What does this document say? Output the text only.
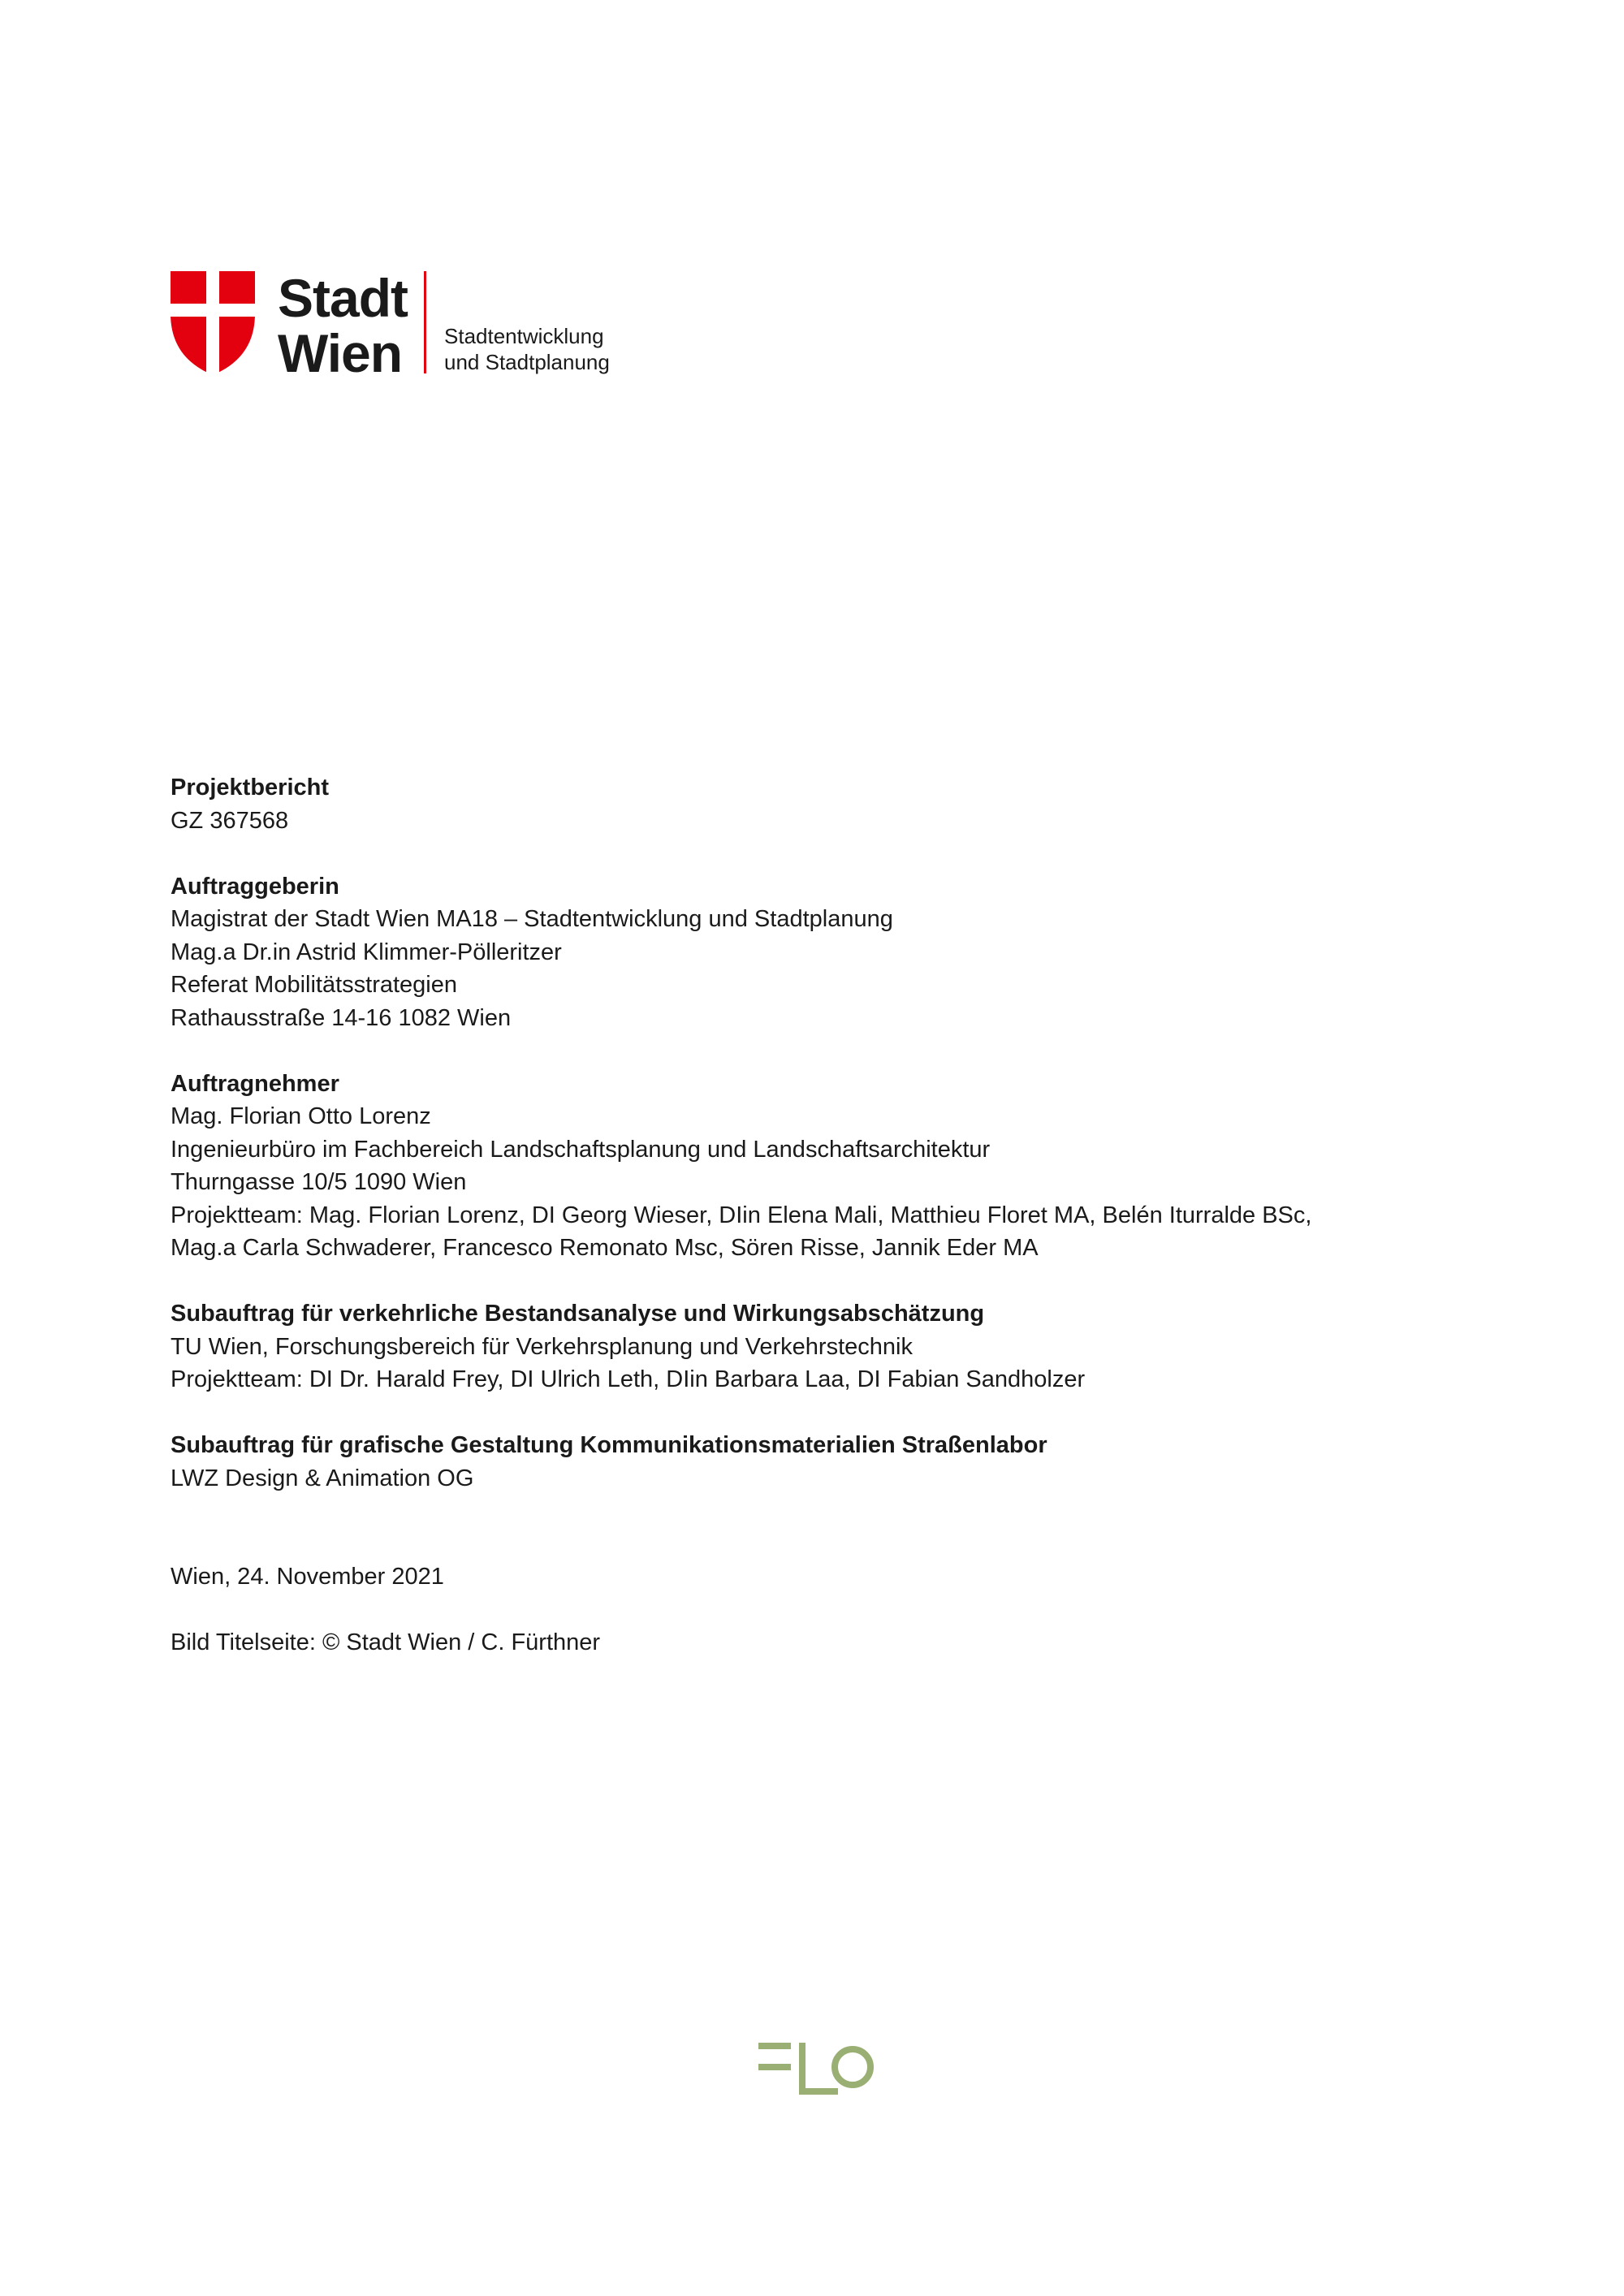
Stadt
Wien Stadtentwicklung
und Stadtplanung
Projektbericht
GZ 367568
Auftraggeberin
Magistrat der Stadt Wien MA18 – Stadtentwicklung und Stadtplanung
Mag.a Dr.in Astrid Klimmer-Pölleritzer
Referat Mobilitätsstrategien
Rathausstraße 14-16 1082 Wien
Auftragnehmer
Mag. Florian Otto Lorenz
Ingenieurbüro im Fachbereich Landschaftsplanung und Landschaftsarchitektur
Thurngasse 10/5 1090 Wien
Projektteam: Mag. Florian Lorenz, DI Georg Wieser, DIin Elena Mali, Matthieu Floret MA, Belén Iturralde BSc,
Mag.a Carla Schwaderer, Francesco Remonato Msc, Sören Risse, Jannik Eder MA
Subauftrag für verkehrliche Bestandsanalyse und Wirkungsabschätzung
TU Wien, Forschungsbereich für Verkehrsplanung und Verkehrstechnik
Projektteam: DI Dr. Harald Frey, DI Ulrich Leth, DIin Barbara Laa, DI Fabian Sandholzer
Subauftrag für grafische Gestaltung Kommunikationsmaterialien Straßenlabor
LWZ Design & Animation OG
Wien, 24. November 2021
Bild Titelseite: © Stadt Wien / C. Fürthner
